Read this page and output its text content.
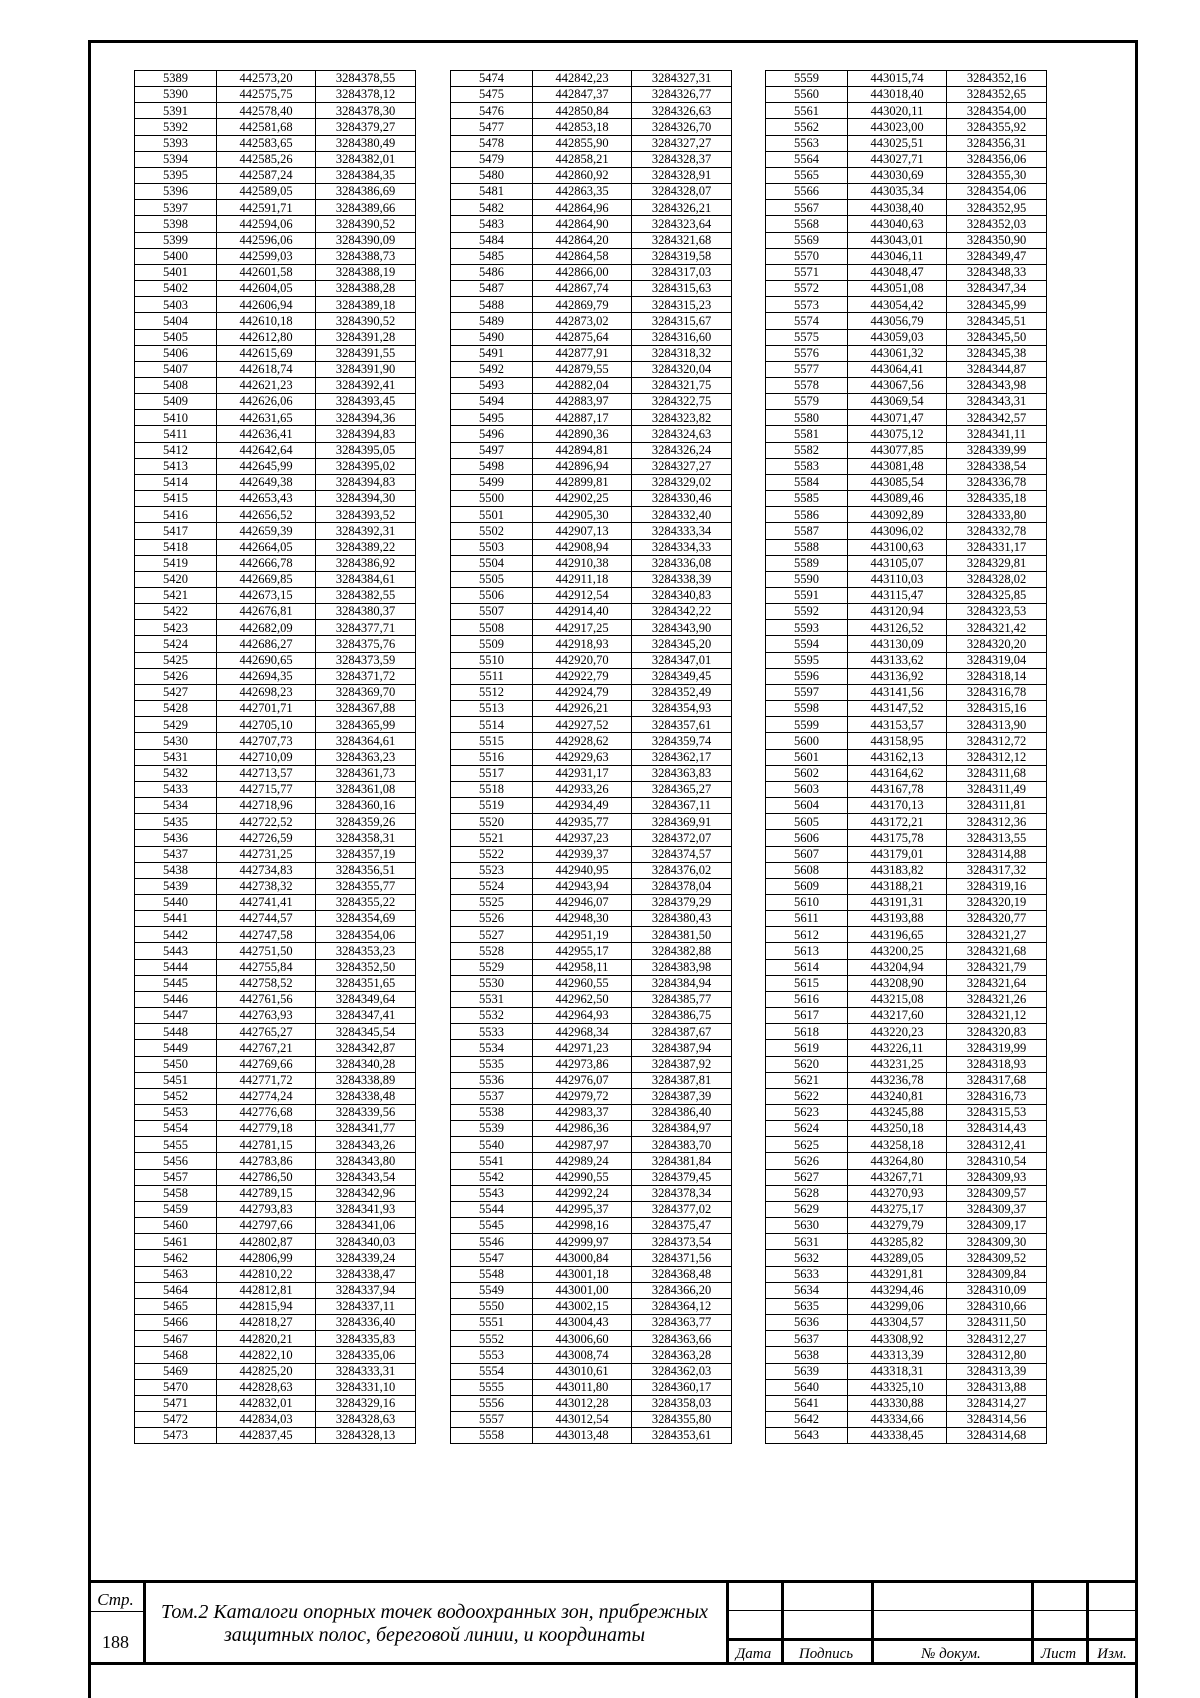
5389	442573,20	3284378,55
5390	442575,75	3284378,12
5391	442578,40	3284378,30
5392	442581,68	3284379,27
5393	442583,65	3284380,49
5394	442585,26	3284382,01
5395	442587,24	3284384,35
5396	442589,05	3284386,69
5397	442591,71	3284389,66
5398	442594,06	3284390,52
5399	442596,06	3284390,09
5400	442599,03	3284388,73
5401	442601,58	3284388,19
5402	442604,05	3284388,28
5403	442606,94	3284389,18
5404	442610,18	3284390,52
5405	442612,80	3284391,28
5406	442615,69	3284391,55
5407	442618,74	3284391,90
5408	442621,23	3284392,41
5409	442626,06	3284393,45
5410	442631,65	3284394,36
5411	442636,41	3284394,83
5412	442642,64	3284395,05
5413	442645,99	3284395,02
5414	442649,38	3284394,83
5415	442653,43	3284394,30
5416	442656,52	3284393,52
5417	442659,39	3284392,31
5418	442664,05	3284389,22
5419	442666,78	3284386,92
5420	442669,85	3284384,61
5421	442673,15	3284382,55
5422	442676,81	3284380,37
5423	442682,09	3284377,71
5424	442686,27	3284375,76
5425	442690,65	3284373,59
5426	442694,35	3284371,72
5427	442698,23	3284369,70
5428	442701,71	3284367,88
5429	442705,10	3284365,99
5430	442707,73	3284364,61
5431	442710,09	3284363,23
5432	442713,57	3284361,73
5433	442715,77	3284361,08
5434	442718,96	3284360,16
5435	442722,52	3284359,26
5436	442726,59	3284358,31
5437	442731,25	3284357,19
5438	442734,83	3284356,51
5439	442738,32	3284355,77
5440	442741,41	3284355,22
5441	442744,57	3284354,69
5442	442747,58	3284354,06
5443	442751,50	3284353,23
5444	442755,84	3284352,50
5445	442758,52	3284351,65
5446	442761,56	3284349,64
5447	442763,93	3284347,41
5448	442765,27	3284345,54
5449	442767,21	3284342,87
5450	442769,66	3284340,28
5451	442771,72	3284338,89
5452	442774,24	3284338,48
5453	442776,68	3284339,56
5454	442779,18	3284341,77
5455	442781,15	3284343,26
5456	442783,86	3284343,80
5457	442786,50	3284343,54
5458	442789,15	3284342,96
5459	442793,83	3284341,93
5460	442797,66	3284341,06
5461	442802,87	3284340,03
5462	442806,99	3284339,24
5463	442810,22	3284338,47
5464	442812,81	3284337,94
5465	442815,94	3284337,11
5466	442818,27	3284336,40
5467	442820,21	3284335,83
5468	442822,10	3284335,06
5469	442825,20	3284333,31
5470	442828,63	3284331,10
5471	442832,01	3284329,16
5472	442834,03	3284328,63
5473	442837,45	3284328,13
5474	442842,23	3284327,31
5475	442847,37	3284326,77
5476	442850,84	3284326,63
5477	442853,18	3284326,70
5478	442855,90	3284327,27
5479	442858,21	3284328,37
5480	442860,92	3284328,91
5481	442863,35	3284328,07
5482	442864,96	3284326,21
5483	442864,90	3284323,64
5484	442864,20	3284321,68
5485	442864,58	3284319,58
5486	442866,00	3284317,03
5487	442867,74	3284315,63
5488	442869,79	3284315,23
5489	442873,02	3284315,67
5490	442875,64	3284316,60
5491	442877,91	3284318,32
5492	442879,55	3284320,04
5493	442882,04	3284321,75
5494	442883,97	3284322,75
5495	442887,17	3284323,82
5496	442890,36	3284324,63
5497	442894,81	3284326,24
5498	442896,94	3284327,27
5499	442899,81	3284329,02
5500	442902,25	3284330,46
5501	442905,30	3284332,40
5502	442907,13	3284333,34
5503	442908,94	3284334,33
5504	442910,38	3284336,08
5505	442911,18	3284338,39
5506	442912,54	3284340,83
5507	442914,40	3284342,22
5508	442917,25	3284343,90
5509	442918,93	3284345,20
5510	442920,70	3284347,01
5511	442922,79	3284349,45
5512	442924,79	3284352,49
5513	442926,21	3284354,93
5514	442927,52	3284357,61
5515	442928,62	3284359,74
5516	442929,63	3284362,17
5517	442931,17	3284363,83
5518	442933,26	3284365,27
5519	442934,49	3284367,11
5520	442935,77	3284369,91
5521	442937,23	3284372,07
5522	442939,37	3284374,57
5523	442940,95	3284376,02
5524	442943,94	3284378,04
5525	442946,07	3284379,29
5526	442948,30	3284380,43
5527	442951,19	3284381,50
5528	442955,17	3284382,88
5529	442958,11	3284383,98
5530	442960,55	3284384,94
5531	442962,50	3284385,77
5532	442964,93	3284386,75
5533	442968,34	3284387,67
5534	442971,23	3284387,94
5535	442973,86	3284387,92
5536	442976,07	3284387,81
5537	442979,72	3284387,39
5538	442983,37	3284386,40
5539	442986,36	3284384,97
5540	442987,97	3284383,70
5541	442989,24	3284381,84
5542	442990,55	3284379,45
5543	442992,24	3284378,34
5544	442995,37	3284377,02
5545	442998,16	3284375,47
5546	442999,97	3284373,54
5547	443000,84	3284371,56
5548	443001,18	3284368,48
5549	443001,00	3284366,20
5550	443002,15	3284364,12
5551	443004,43	3284363,77
5552	443006,60	3284363,66
5553	443008,74	3284363,28
5554	443010,61	3284362,03
5555	443011,80	3284360,17
5556	443012,28	3284358,03
5557	443012,54	3284355,80
5558	443013,48	3284353,61
5559	443015,74	3284352,16
5560	443018,40	3284352,65
5561	443020,11	3284354,00
5562	443023,00	3284355,92
5563	443025,51	3284356,31
5564	443027,71	3284356,06
5565	443030,69	3284355,30
5566	443035,34	3284354,06
5567	443038,40	3284352,95
5568	443040,63	3284352,03
5569	443043,01	3284350,90
5570	443046,11	3284349,47
5571	443048,47	3284348,33
5572	443051,08	3284347,34
5573	443054,42	3284345,99
5574	443056,79	3284345,51
5575	443059,03	3284345,50
5576	443061,32	3284345,38
5577	443064,41	3284344,87
5578	443067,56	3284343,98
5579	443069,54	3284343,31
5580	443071,47	3284342,57
5581	443075,12	3284341,11
5582	443077,85	3284339,99
5583	443081,48	3284338,54
5584	443085,54	3284336,78
5585	443089,46	3284335,18
5586	443092,89	3284333,80
5587	443096,02	3284332,78
5588	443100,63	3284331,17
5589	443105,07	3284329,81
5590	443110,03	3284328,02
5591	443115,47	3284325,85
5592	443120,94	3284323,53
5593	443126,52	3284321,42
5594	443130,09	3284320,20
5595	443133,62	3284319,04
5596	443136,92	3284318,14
5597	443141,56	3284316,78
5598	443147,52	3284315,16
5599	443153,57	3284313,90
5600	443158,95	3284312,72
5601	443162,13	3284312,12
5602	443164,62	3284311,68
5603	443167,78	3284311,49
5604	443170,13	3284311,81
5605	443172,21	3284312,36
5606	443175,78	3284313,55
5607	443179,01	3284314,88
5608	443183,82	3284317,32
5609	443188,21	3284319,16
5610	443191,31	3284320,19
5611	443193,88	3284320,77
5612	443196,65	3284321,27
5613	443200,25	3284321,68
5614	443204,94	3284321,79
5615	443208,90	3284321,64
5616	443215,08	3284321,26
5617	443217,60	3284321,12
5618	443220,23	3284320,83
5619	443226,11	3284319,99
5620	443231,25	3284318,93
5621	443236,78	3284317,68
5622	443240,81	3284316,73
5623	443245,88	3284315,53
5624	443250,18	3284314,43
5625	443258,18	3284312,41
5626	443264,80	3284310,54
5627	443267,71	3284309,93
5628	443270,93	3284309,57
5629	443275,17	3284309,37
5630	443279,79	3284309,17
5631	443285,82	3284309,30
5632	443289,05	3284309,52
5633	443291,81	3284309,84
5634	443294,46	3284310,09
5635	443299,06	3284310,66
5636	443304,57	3284311,50
5637	443308,92	3284312,27
5638	443313,39	3284312,80
5639	443318,31	3284313,39
5640	443325,10	3284313,88
5641	443330,88	3284314,27
5642	443334,66	3284314,56
5643	443338,45	3284314,68
Стр.
188
Том.2 Каталоги опорных точек водоохранных зон, прибрежных
защитных полос, береговой линии, и координаты
Дата	Подпись	№ докум.	Лист	Изм.
